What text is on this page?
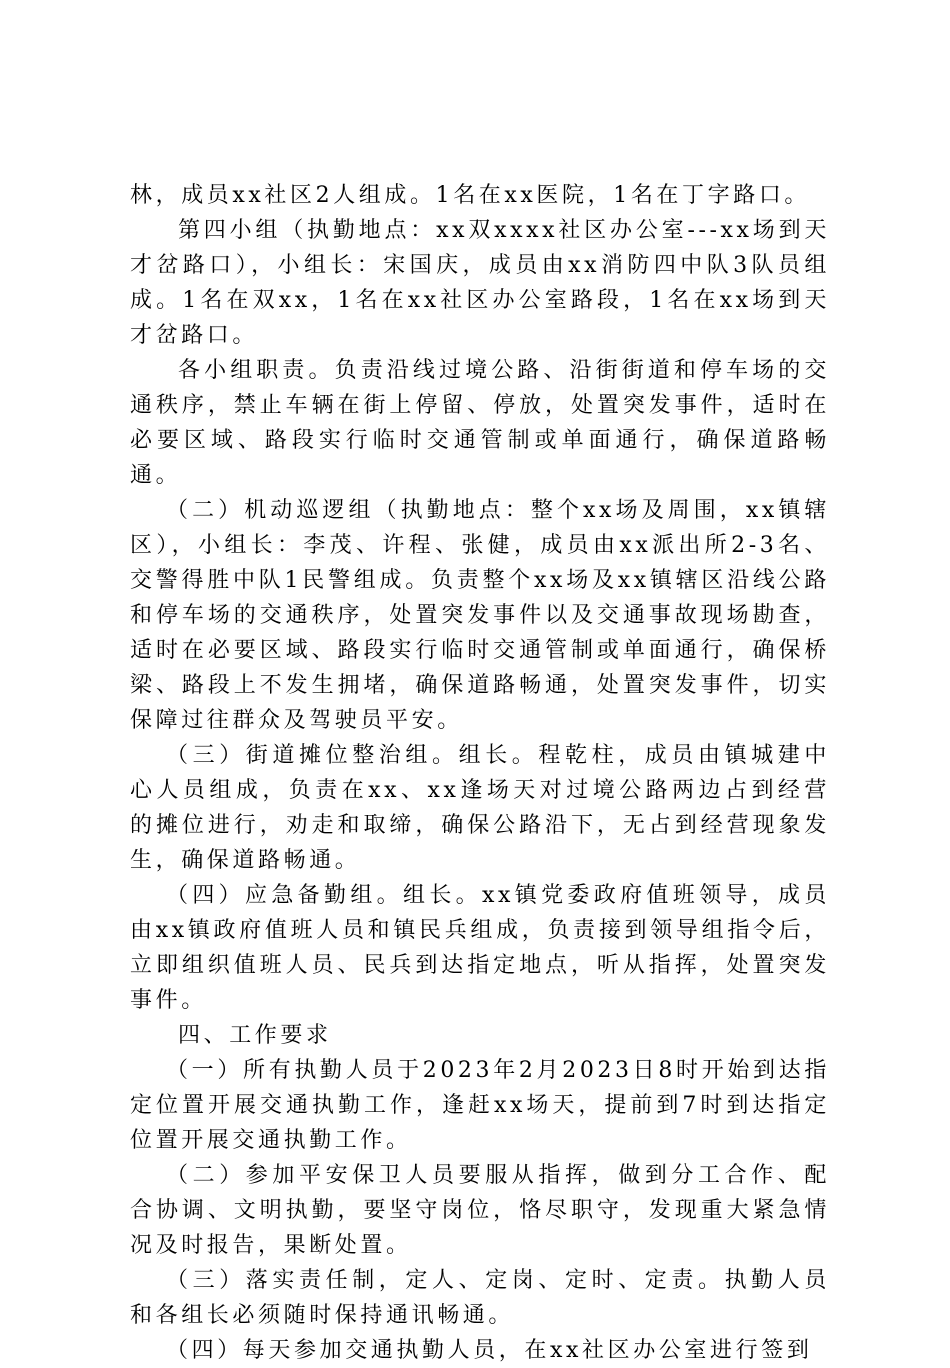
林，成员xx社区2人组成。1名在xx医院，1名在丁字路口。

第四小组（执勤地点：xx双xxxx社区办公室---xx场到天才岔路口），小组长：宋国庆，成员由xx消防四中队3队员组成。1名在双xx，1名在xx社区办公室路段，1名在xx场到天才岔路口。

各小组职责。负责沿线过境公路、沿街街道和停车场的交通秩序，禁止车辆在街上停留、停放，处置突发事件，适时在必要区域、路段实行临时交通管制或单面通行，确保道路畅通。

（二）机动巡逻组（执勤地点：整个xx场及周围，xx镇辖区），小组长：李茂、许程、张健，成员由xx派出所2-3名、交警得胜中队1民警组成。负责整个xx场及xx镇辖区沿线公路和停车场的交通秩序，处置突发事件以及交通事故现场勘查，适时在必要区域、路段实行临时交通管制或单面通行，确保桥梁、路段上不发生拥堵，确保道路畅通，处置突发事件，切实保障过往群众及驾驶员平安。

（三）街道摊位整治组。组长。程乾柱，成员由镇城建中心人员组成，负责在xx、xx逢场天对过境公路两边占到经营的摊位进行，劝走和取缔，确保公路沿下，无占到经营现象发生，确保道路畅通。

（四）应急备勤组。组长。xx镇党委政府值班领导，成员由xx镇政府值班人员和镇民兵组成，负责接到领导组指令后，立即组织值班人员、民兵到达指定地点，听从指挥，处置突发事件。

四、工作要求

（一）所有执勤人员于2023年2月2023日8时开始到达指定位置开展交通执勤工作，逢赶xx场天，提前到7时到达指定位置开展交通执勤工作。

（二）参加平安保卫人员要服从指挥，做到分工合作、配合协调、文明执勤，要坚守岗位，恪尽职守，发现重大紧急情况及时报告，果断处置。

（三）落实责任制，定人、定岗、定时、定责。执勤人员和各组长必须随时保持通讯畅通。

（四）每天参加交通执勤人员，在xx社区办公室进行签到
